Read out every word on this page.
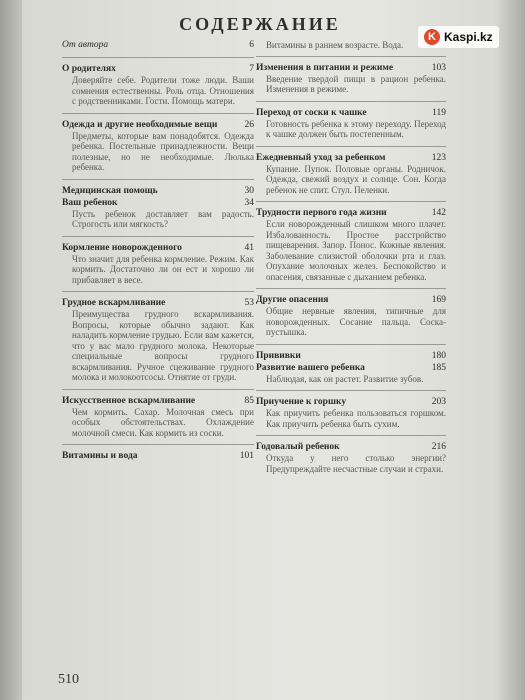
СОДЕРЖАНИЕ
От автора	6
О родителях	7
Доверяйте себе. Родители тоже люди. Ваши сомнения естественны. Роль отца. Отношения с родственниками. Гости. Помощь матери.
Одежда и другие необходимые вещи	26
Предметы, которые вам понадобятся. Одежда ребенка. Постельные принадлежности. Вещи полезные, но не необходимые. Люлька ребенка.
Медицинская помощь	30
Ваш ребенок	34
Пусть ребенок доставляет вам радость. Строгость или мягкость?
Кормление новорожденного	41
Что значит для ребенка кормление. Режим. Как кормить. Достаточно ли он ест и хорошо ли прибавляет в весе.
Грудное вскармливание	53
Преимущества грудного вскармливания. Вопросы, которые обычно задают. Как наладить кормление грудью. Если вам кажется, что у вас мало грудного молока. Некоторые специальные вопросы грудного вскармливания. Ручное сцеживание грудного молока и молокоотсосы. Отнятие от груди.
Искусственное вскармливание	85
Чем кормить. Сахар. Молочная смесь при особых обстоятельствах. Охлаждение молочной смеси. Как кормить из соски.
Витамины и вода	101
Витамины в раннем возрасте. Вода.
Изменения в питании и режиме	103
Введение твердой пищи в рацион ребенка. Изменения в режиме.
Переход от соски к чашке	119
Готовность ребенка к этому переходу. Переход к чашке должен быть постепенным.
Ежедневный уход за ребенком	123
Купание. Пупок. Половые органы. Родничок. Одежда, свежий воздух и солнце. Сон. Когда ребенок не спит. Стул. Пеленки.
Трудности первого года жизни	142
Если новорожденный слишком много плачет. Избалованность. Простое расстройство пищеварения. Запор. Понос. Кожные явления. Заболевание слизистой оболочки рта и глаз. Опухание молочных желез. Беспокойство и опасения, связанные с дыханием ребенка.
Другие опасения	169
Общие нервные явления, типичные для новорожденных. Сосание пальца. Соска-пустышка.
Прививки	180
Развитие вашего ребенка	185
Наблюдая, как он растет. Развитие зубов.
Приучение к горшку	203
Как приучить ребенка пользоваться горшком. Как приучить ребенка быть сухим.
Годовалый ребенок	216
Откуда у него столько энергии? Предупреждайте несчастные случаи и страхи.
510
K Kaspi.kz
